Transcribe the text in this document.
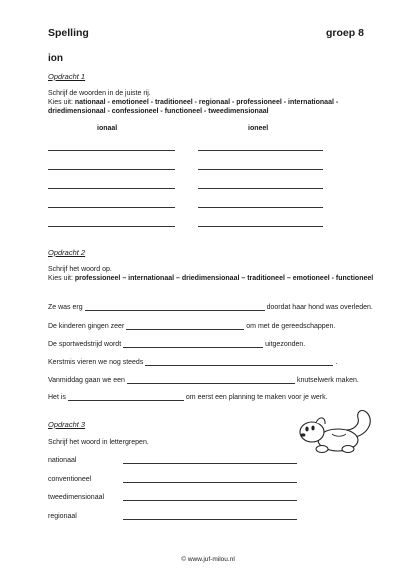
Spelling	groep 8
ion
Opdracht 1
Schrijf de woorden in de juiste rij.
Kies uit: nationaal - emotioneel - traditioneel - regionaal - professioneel - internationaal -
driedimensionaal - confessioneel - functioneel - tweedimensionaal
ionaal	ioneel
Opdracht 2
Schrijf het woord op.
Kies uit: professioneel – internationaal – driedimensionaal – traditioneel – emotioneel - functioneel
Ze was erg	doordat haar hond was overleden.
De kinderen gingen zeer	om met de gereedschappen.
De sportwedstrijd wordt	uitgezonden.
Kerstmis vieren we nog steeds	.
Vanmiddag gaan we een	knutselwerk maken.
Het is	om eerst een planning te maken voor je werk.
Opdracht 3
Schrijf het woord in lettergrepen.
nationaal
conventioneel
tweedimensionaal
regionaal
© www.juf-milou.nl
